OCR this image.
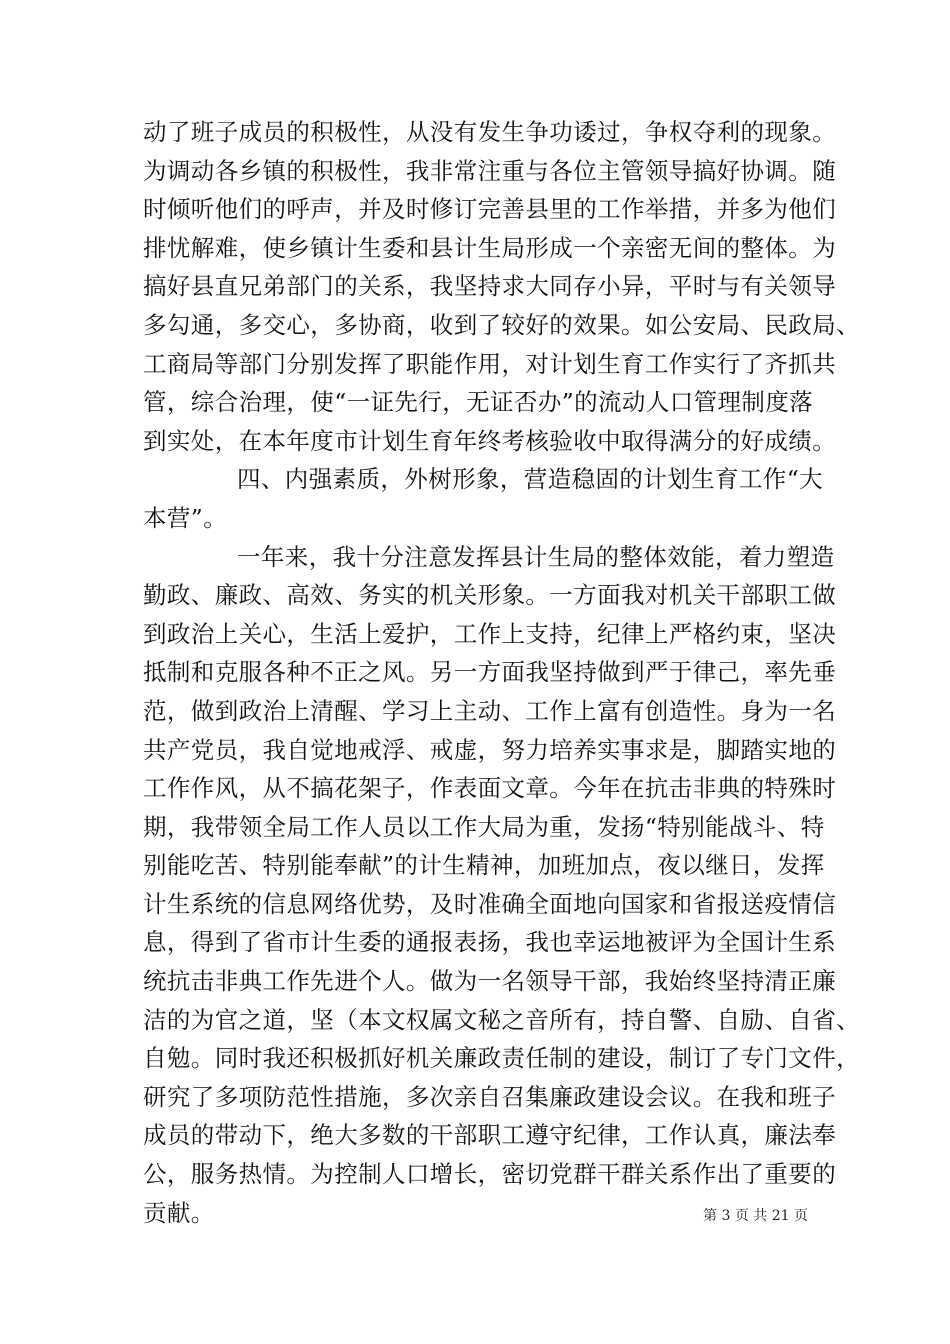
动了班子成员的积极性，从没有发生争功诿过，争权夺利的现象。
为调动各乡镇的积极性，我非常注重与各位主管领导搞好协调。随
时倾听他们的呼声，并及时修订完善县里的工作举措，并多为他们
排忧解难，使乡镇计生委和县计生局形成一个亲密无间的整体。为
搞好县直兄弟部门的关系，我坚持求大同存小异，平时与有关领导
多勾通，多交心，多协商，收到了较好的效果。如公安局、民政局、
工商局等部门分别发挥了职能作用，对计划生育工作实行了齐抓共
管，综合治理，使“一证先行，无证否办”的流动人口管理制度落
到实处，在本年度市计划生育年终考核验收中取得满分的好成绩。
四、内强素质，外树形象，营造稳固的计划生育工作“大
本营”。
一年来，我十分注意发挥县计生局的整体效能，着力塑造
勤政、廉政、高效、务实的机关形象。一方面我对机关干部职工做
到政治上关心，生活上爱护，工作上支持，纪律上严格约束，坚决
抵制和克服各种不正之风。另一方面我坚持做到严于律己，率先垂
范，做到政治上清醒、学习上主动、工作上富有创造性。身为一名
共产党员，我自觉地戒浮、戒虚，努力培养实事求是，脚踏实地的
工作作风，从不搞花架子，作表面文章。今年在抗击非典的特殊时
期，我带领全局工作人员以工作大局为重，发扬“特别能战斗、特
别能吃苦、特别能奉献”的计生精神，加班加点，夜以继日，发挥
计生系统的信息网络优势，及时准确全面地向国家和省报送疫情信
息，得到了省市计生委的通报表扬，我也幸运地被评为全国计生系
统抗击非典工作先进个人。做为一名领导干部，我始终坚持清正廉
洁的为官之道，坚（本文权属文秘之音所有，持自警、自励、自省、
自勉。同时我还积极抓好机关廉政责任制的建设，制订了专门文件，
研究了多项防范性措施，多次亲自召集廉政建设会议。在我和班子
成员的带动下，绝大多数的干部职工遵守纪律，工作认真，廉法奉
公，服务热情。为控制人口增长，密切党群干群关系作出了重要的
贡献。	第 3 页 共 21 页
